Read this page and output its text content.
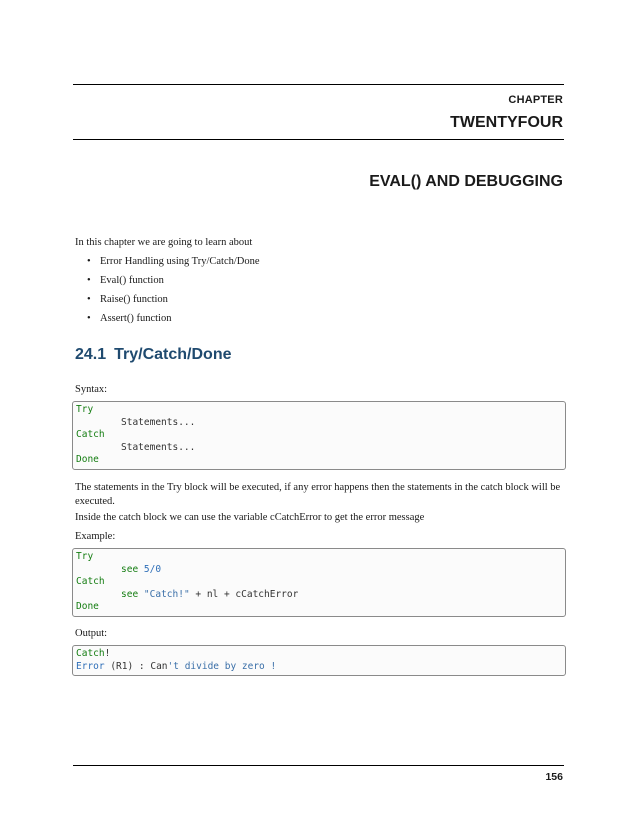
CHAPTER
TWENTYFOUR
EVAL() AND DEBUGGING
In this chapter we are going to learn about
• Error Handling using Try/Catch/Done
• Eval() function
• Raise() function
• Assert() function
24.1 Try/Catch/Done
Syntax:
Try
Statements...
Catch
Statements...
Done
The statements in the Try block will be executed, if any error happens then the statements in the catch block will be executed.
Inside the catch block we can use the variable cCatchError to get the error message
Example:
Try
see 5/0
Catch
see "Catch!" + nl + cCatchError
Done
Output:
Catch!
Error (R1) : Can't divide by zero !
156
